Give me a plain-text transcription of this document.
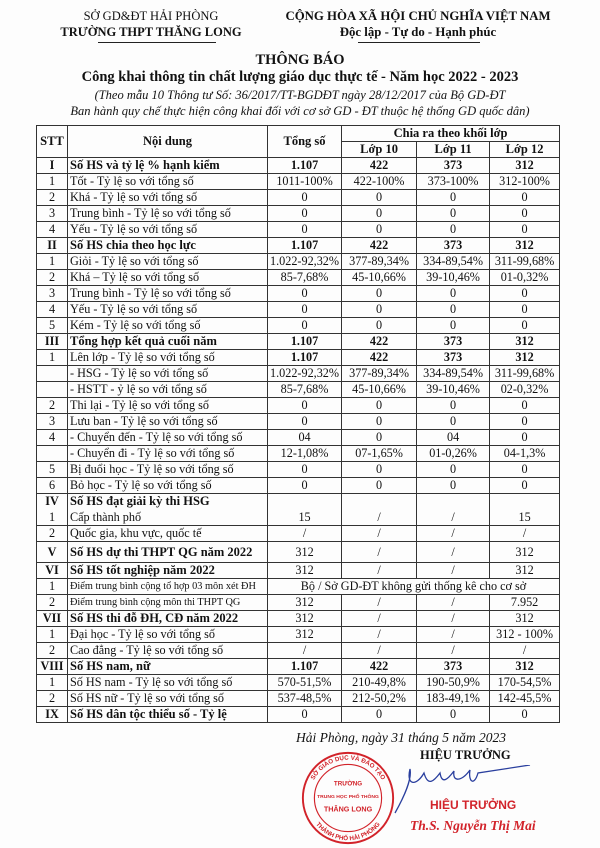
SỞ GD&ĐT HẢI PHÒNG
TRƯỜNG THPT THĂNG LONG
CỘNG HÒA XÃ HỘI CHỦ NGHĨA VIỆT NAM
Độc lập - Tự do - Hạnh phúc
THÔNG BÁO
Công khai thông tin chất lượng giáo dục thực tế - Năm học 2022 - 2023
(Theo mẫu 10 Thông tư Số: 36/2017/TT-BGDĐT ngày 28/12/2017 của Bộ GD-ĐT
Ban hành quy chế thực hiện công khai đối với cơ sở GD - ĐT thuộc hệ thống GD quốc dân)
STT	Nội dung	Tổng số	Chia ra theo khối lớp		
			Lớp 10	Lớp 11	Lớp 12
I	Số HS và tỷ lệ % hạnh kiểm	1.107	422	373	312
1	Tốt - Tỷ lệ so với tổng số	1011-100%	422-100%	373-100%	312-100%
2	Khá - Tỷ lệ so với tổng số	0	0	0	0
3	Trung bình - Tỷ lệ so với tổng số	0	0	0	0
4	Yếu - Tỷ lệ so với tổng số	0	0	0	0
II	Số HS chia theo học lực	1.107	422	373	312
1	Giỏi - Tỷ lệ so với tổng số	1.022-92,32%	377-89,34%	334-89,54%	311-99,68%
2	Khá – Tỷ lệ so với tổng số	85-7,68%	45-10,66%	39-10,46%	01-0,32%
3	Trung bình - Tỷ lệ so với tổng số	0	0	0	0
4	Yếu - Tỷ lệ so với tổng số	0	0	0	0
5	Kém - Tỷ lệ so với tổng số	0	0	0	0
III	Tổng hợp kết quả cuối năm	1.107	422	373	312
1	Lên lớp - Tỷ lệ so với tổng số	1.107	422	373	312
	- HSG - Tỷ lệ so với tổng số	1.022-92,32%	377-89,34%	334-89,54%	311-99,68%
	- HSTT - ỷ lệ so với tổng số	85-7,68%	45-10,66%	39-10,46%	02-0,32%
2	Thi lại - Tỷ lệ so với tổng số	0	0	0	0
3	Lưu ban - Tỷ lệ so với tổng số	0	0	0	0
4	- Chuyển đến - Tỷ lệ so với tổng số	04	0	04	0
	- Chuyển đi - Tỷ lệ so với tổng số	12-1,08%	07-1,65%	01-0,26%	04-1,3%
5	Bị đuổi học - Tỷ lệ so với tổng số	0	0	0	0
6	Bỏ học - Tỷ lệ so với tổng số	0	0	0	0
IV	Số HS đạt giải kỳ thi HSG				
1	Cấp thành phố	15	/	/	15
2	Quốc gia, khu vực, quốc tế	/	/	/	/
V	Số HS dự thi THPT QG năm 2022	312	/	/	312
VI	Số HS tốt nghiệp năm 2022	312	/	/	312
1	Điểm trung bình cộng tổ hợp 03 môn xét ĐH	Bộ / Sở GD-ĐT không gửi thống kê cho cơ sở			
2	Điểm trung bình cộng môn thi THPT QG	312	/	/	7.952
VII	Số HS thi đỗ ĐH, CĐ năm 2022	312	/	/	312
1	Đại học - Tỷ lệ so với tổng số	312	/	/	312 - 100%
2	Cao đẳng - Tỷ lệ so với tổng số	/	/	/	/
VIII	Số HS nam, nữ	1.107	422	373	312
1	Số HS nam - Tỷ lệ so với tổng số	570-51,5%	210-49,8%	190-50,9%	170-54,5%
2	Số HS nữ - Tỷ lệ so với tổng số	537-48,5%	212-50,2%	183-49,1%	142-45,5%
IX	Số HS dân tộc thiểu số - Tỷ lệ	0	0	0	0
Hải Phòng, ngày 31 tháng 5 năm 2023
HIỆU TRƯỞNG
SỞ GIÁO DỤC VÀ ĐÀO TẠO
THÀNH PHỐ HẢI PHÒNG
TRƯỜNG
TRUNG HỌC PHỔ THÔNG
THĂNG LONG	HIỆU TRƯỞNG
Th.S. Nguyễn Thị Mai
